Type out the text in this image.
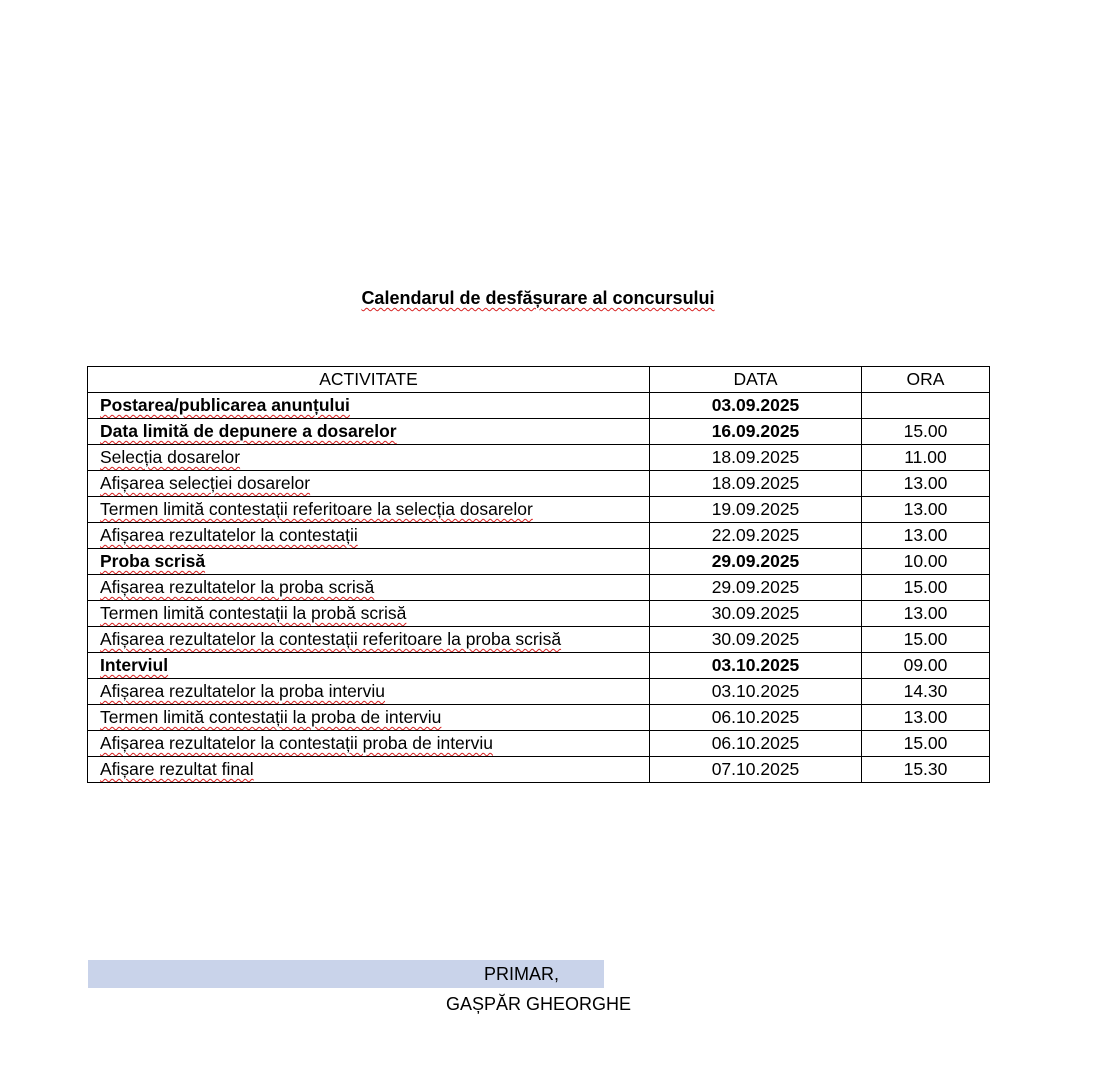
Calendarul de desfășurare al concursului
ACTIVITATE	DATA	ORA
Postarea/publicarea anunțului	03.09.2025	
Data limită de depunere a dosarelor	16.09.2025	15.00
Selecția dosarelor	18.09.2025	11.00
Afișarea selecției dosarelor	18.09.2025	13.00
Termen limită contestații referitoare la selecția dosarelor	19.09.2025	13.00
Afișarea rezultatelor la contestații	22.09.2025	13.00
Proba scrisă	29.09.2025	10.00
Afișarea rezultatelor la proba scrisă	29.09.2025	15.00
Termen limită contestații la probă scrisă	30.09.2025	13.00
Afișarea rezultatelor la contestații referitoare la proba scrisă	30.09.2025	15.00
Interviul	03.10.2025	09.00
Afișarea rezultatelor la proba interviu	03.10.2025	14.30
Termen limită contestații la proba de interviu	06.10.2025	13.00
Afișarea rezultatelor la contestații proba de interviu	06.10.2025	15.00
Afișare rezultat final	07.10.2025	15.30
PRIMAR,
GAȘPĂR GHEORGHE
